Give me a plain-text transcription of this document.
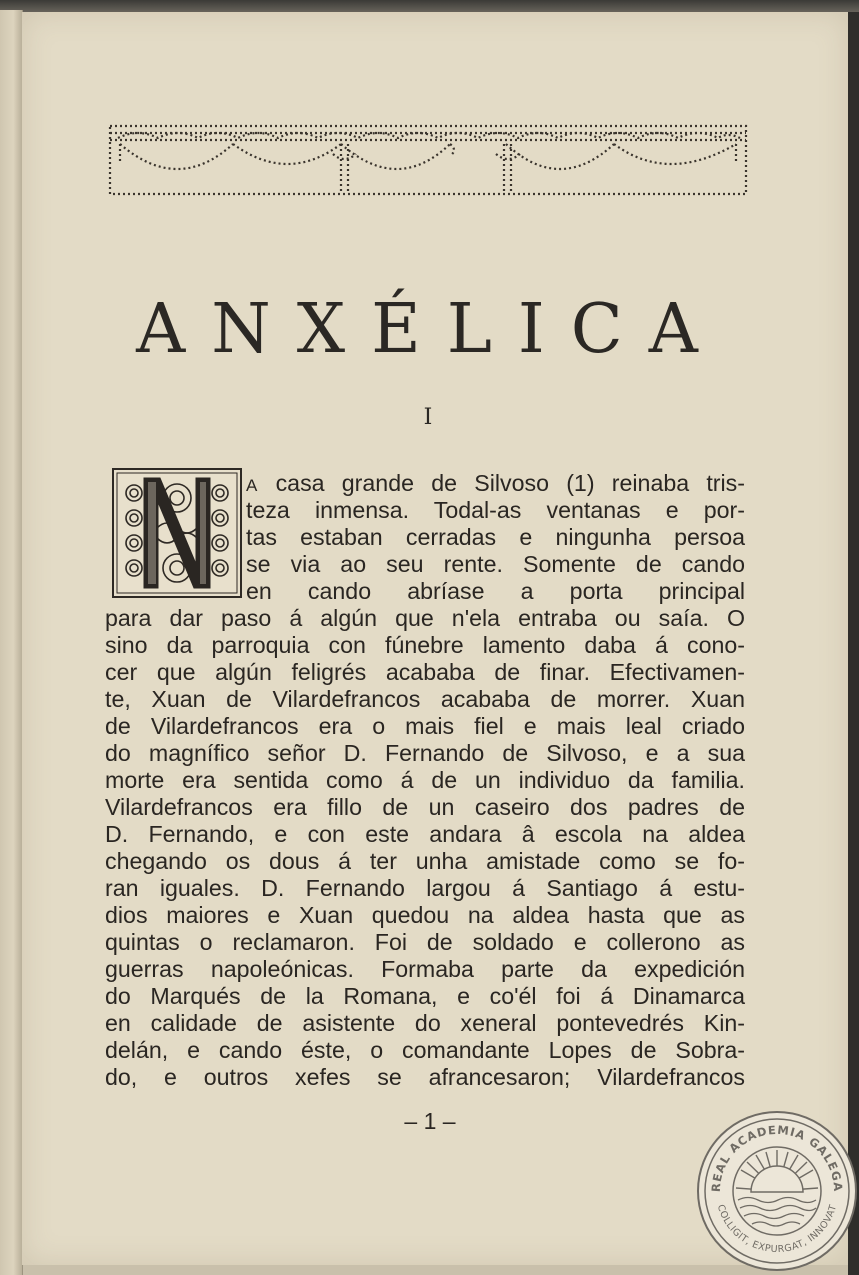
ANXÉLICA
I
A casa grande de Silvoso (1) reinaba tris-
teza inmensa. Todal-as ventanas e por-
tas estaban cerradas e ningunha persoa
se via ao seu rente. Somente de cando
en cando abríase a porta principal
para dar paso á algún que n'ela entraba ou saía. O
sino da parroquia con fúnebre lamento daba á cono-
cer que algún feligrés acababa de finar. Efectivamen-
te, Xuan de Vilardefrancos acababa de morrer. Xuan
de Vilardefrancos era o mais fiel e mais leal criado
do magnífico señor D. Fernando de Silvoso, e a sua
morte era sentida como á de un individuo da familia.
Vilardefrancos era fillo de un caseiro dos padres de
D. Fernando, e con este andara â escola na aldea
chegando os dous á ter unha amistade como se fo-
ran iguales. D. Fernando largou á Santiago á estu-
dios maiores e Xuan quedou na aldea hasta que as
quintas o reclamaron. Foi de soldado e collerono as
guerras napoleónicas. Formaba parte da expedición
do Marqués de la Romana, e co'él foi á Dinamarca
en calidade de asistente do xeneral pontevedrés Kin-
delán, e cando éste, o comandante Lopes de Sobra-
do, e outros xefes se afrancesaron; Vilardefrancos
– 1 –
REAL ACADEMIA GALEGA
COLLIGIT, EXPURGAT, INNOVAT
